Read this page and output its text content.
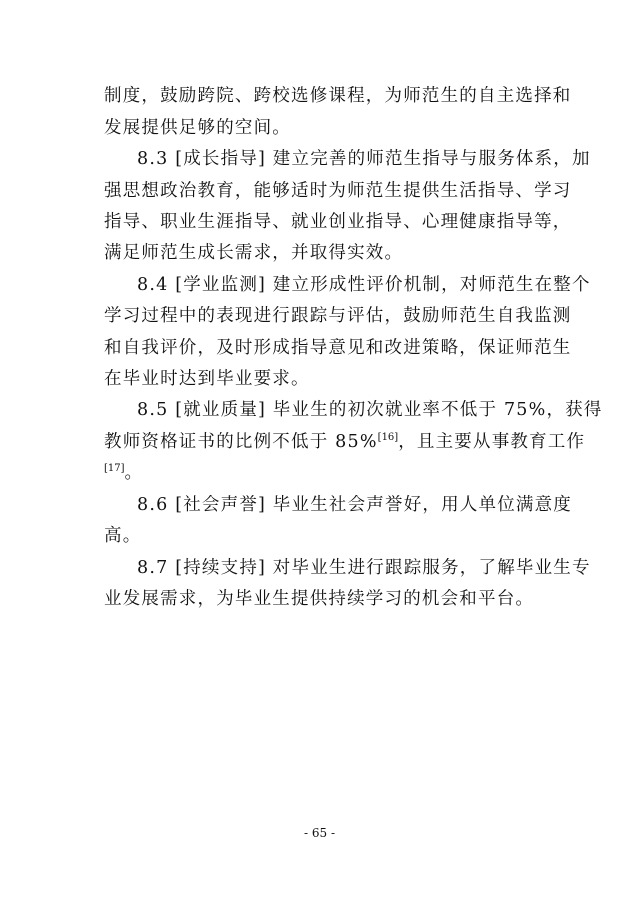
制度，鼓励跨院、跨校选修课程，为师范生的自主选择和
发展提供足够的空间。
8.3 [成长指导] 建立完善的师范生指导与服务体系，加
强思想政治教育，能够适时为师范生提供生活指导、学习
指导、职业生涯指导、就业创业指导、心理健康指导等，
满足师范生成长需求，并取得实效。
8.4 [学业监测] 建立形成性评价机制，对师范生在整个
学习过程中的表现进行跟踪与评估，鼓励师范生自我监测
和自我评价，及时形成指导意见和改进策略，保证师范生
在毕业时达到毕业要求。
8.5 [就业质量] 毕业生的初次就业率不低于 75%，获得
教师资格证书的比例不低于 85%[16]，且主要从事教育工作
[17]。
8.6 [社会声誉] 毕业生社会声誉好，用人单位满意度
高。
8.7 [持续支持] 对毕业生进行跟踪服务，了解毕业生专
业发展需求，为毕业生提供持续学习的机会和平台。
- 65 -
